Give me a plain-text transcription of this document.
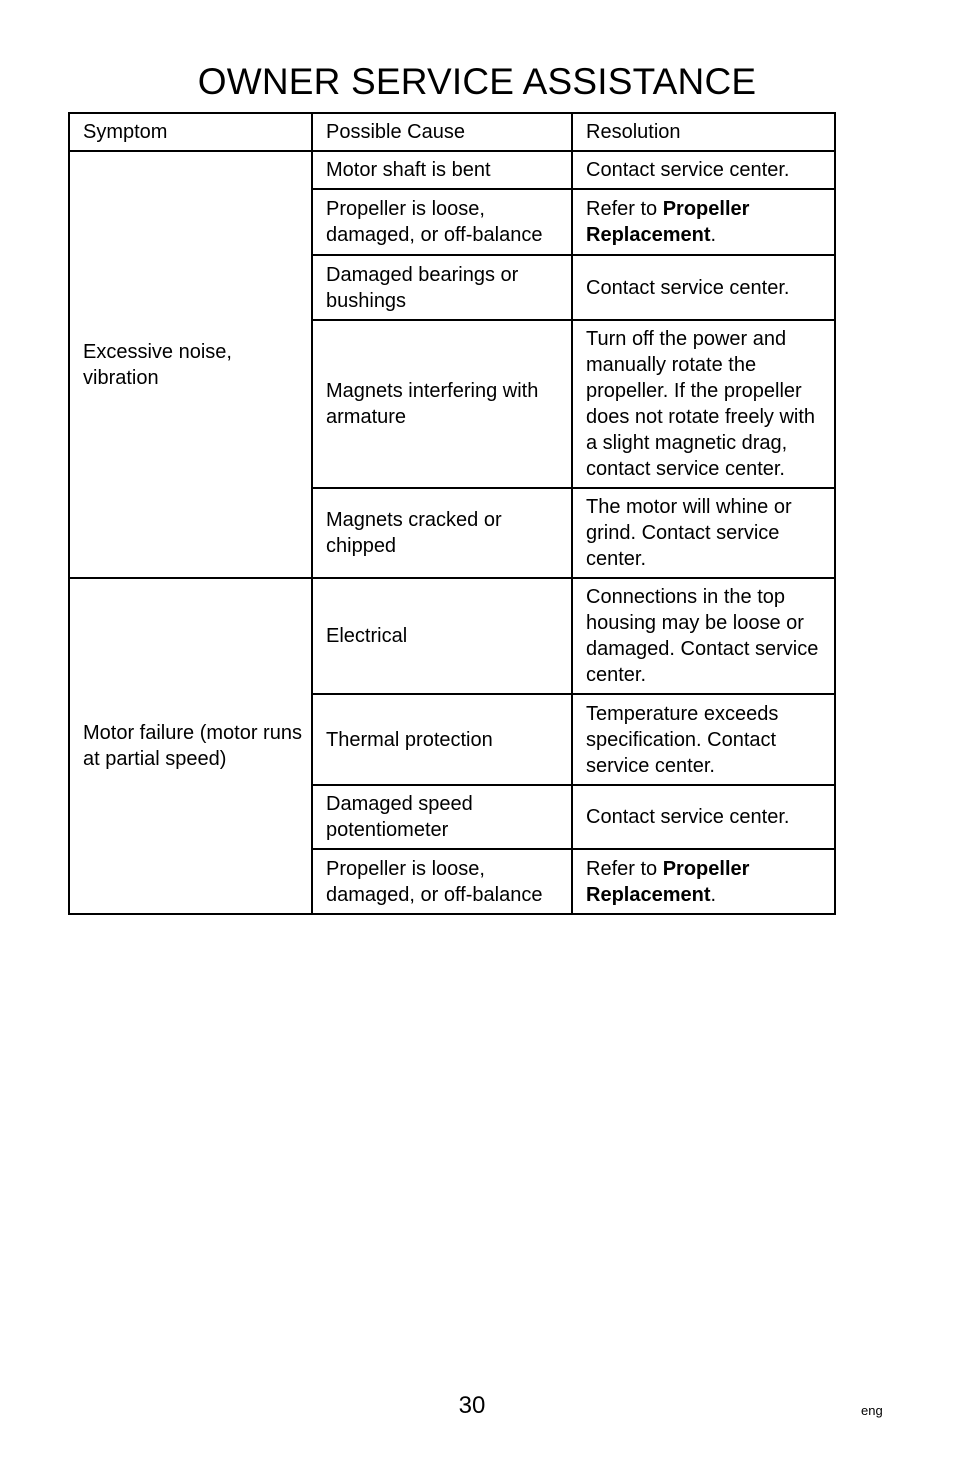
OWNER SERVICE ASSISTANCE
Symptom	Possible Cause	Resolution
Excessive noise, vibration	Motor shaft is bent	Contact service center.
	Propeller is loose, damaged, or off-balance	Refer to Propeller Replacement.
	Damaged bearings or bushings	Contact service center.
	Magnets interfering with armature	Turn off the power and manually rotate the propeller. If the propeller does not rotate freely with a slight magnetic drag, contact service center.
	Magnets cracked or chipped	The motor will whine or grind. Contact service center.
Motor failure (motor runs at partial speed)	Electrical	Connections in the top housing may be loose or damaged. Contact service center.
	Thermal protection	Temperature exceeds specification. Contact service center.
	Damaged speed potentiometer	Contact service center.
	Propeller is loose, damaged, or off-balance	Refer to Propeller Replacement.
30	eng
